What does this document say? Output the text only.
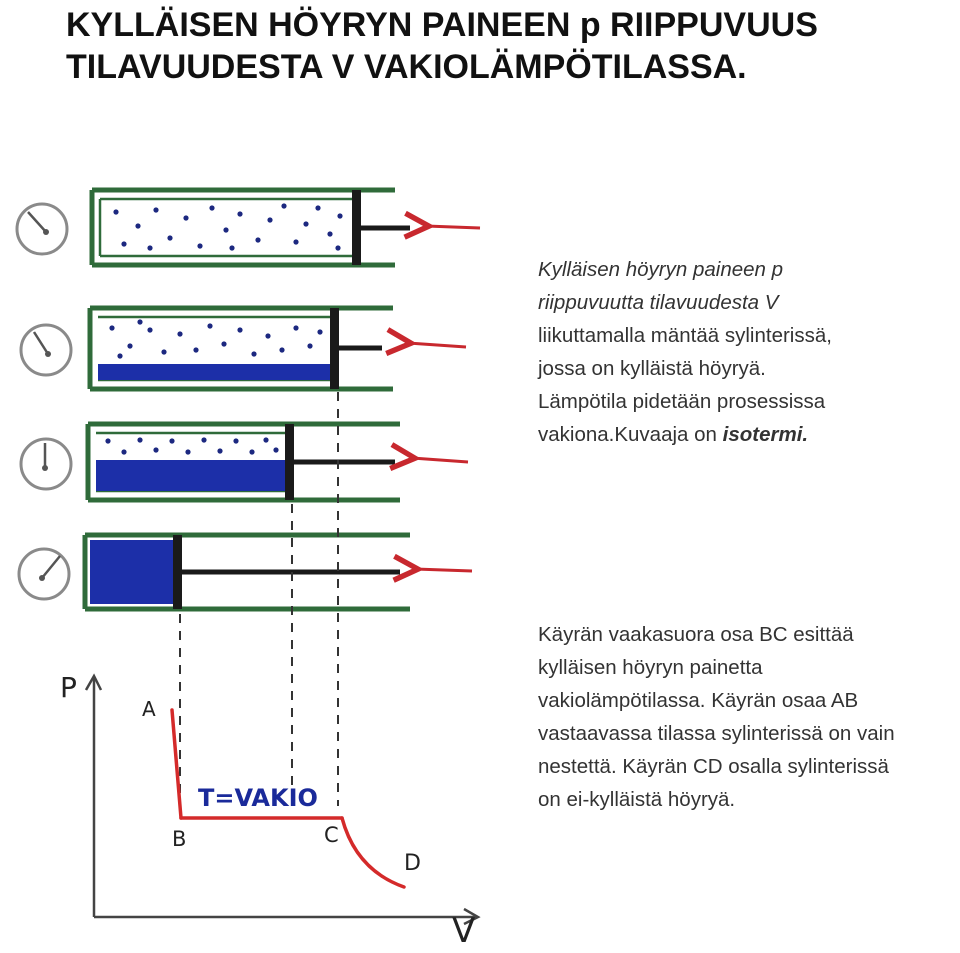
KYLLÄISEN HÖYRYN PAINEEN p RIIPPUVUUS
TILAVUUDESTA V VAKIOLÄMPÖTILASSA.
P
V
A
B	C
D
T=VAKIO
Kylläisen höyryn paineen p
riippuvuutta tilavuudesta V
liikuttamalla mäntää sylinterissä,
jossa on kylläistä höyryä.
Lämpötila pidetään prosessissa
vakiona.Kuvaaja on isotermi.
Käyrän vaakasuora osa BC esittää
kylläisen höyryn painetta
vakiolämpötilassa. Käyrän osaa AB
vastaavassa tilassa sylinterissä on vain
nestettä. Käyrän CD osalla sylinterissä
on ei-kylläistä höyryä.
